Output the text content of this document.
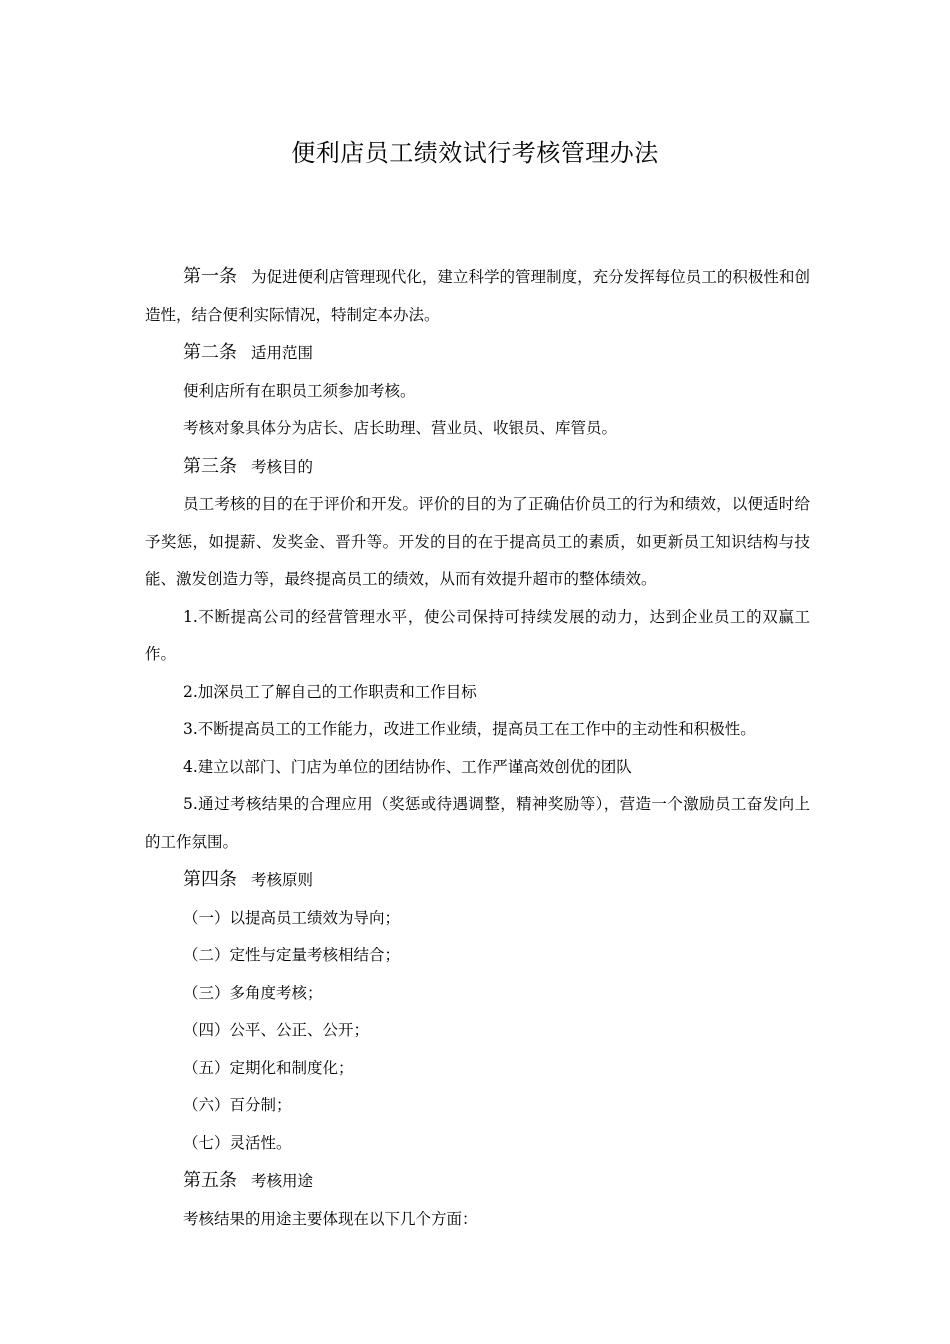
便利店员工绩效试行考核管理办法

第一条 为促进便利店管理现代化，建立科学的管理制度，充分发挥每位员工的积极性和创造性，结合便利实际情况，特制定本办法。

第二条 适用范围

便利店所有在职员工须参加考核。

考核对象具体分为店长、店长助理、营业员、收银员、库管员。

第三条 考核目的

员工考核的目的在于评价和开发。评价的目的为了正确估价员工的行为和绩效，以便适时给予奖惩，如提薪、发奖金、晋升等。开发的目的在于提高员工的素质，如更新员工知识结构与技能、激发创造力等，最终提高员工的绩效，从而有效提升超市的整体绩效。

1.不断提高公司的经营管理水平，使公司保持可持续发展的动力，达到企业员工的双赢工作。

2.加深员工了解自己的工作职责和工作目标

3.不断提高员工的工作能力，改进工作业绩，提高员工在工作中的主动性和积极性。

4.建立以部门、门店为单位的团结协作、工作严谨高效创优的团队

5.通过考核结果的合理应用（奖惩或待遇调整，精神奖励等），营造一个激励员工奋发向上的工作氛围。

第四条 考核原则

（一）以提高员工绩效为导向；

（二）定性与定量考核相结合；

（三）多角度考核；

（四）公平、公正、公开；

（五）定期化和制度化；

（六）百分制；

（七）灵活性。

第五条 考核用途

考核结果的用途主要体现在以下几个方面：
